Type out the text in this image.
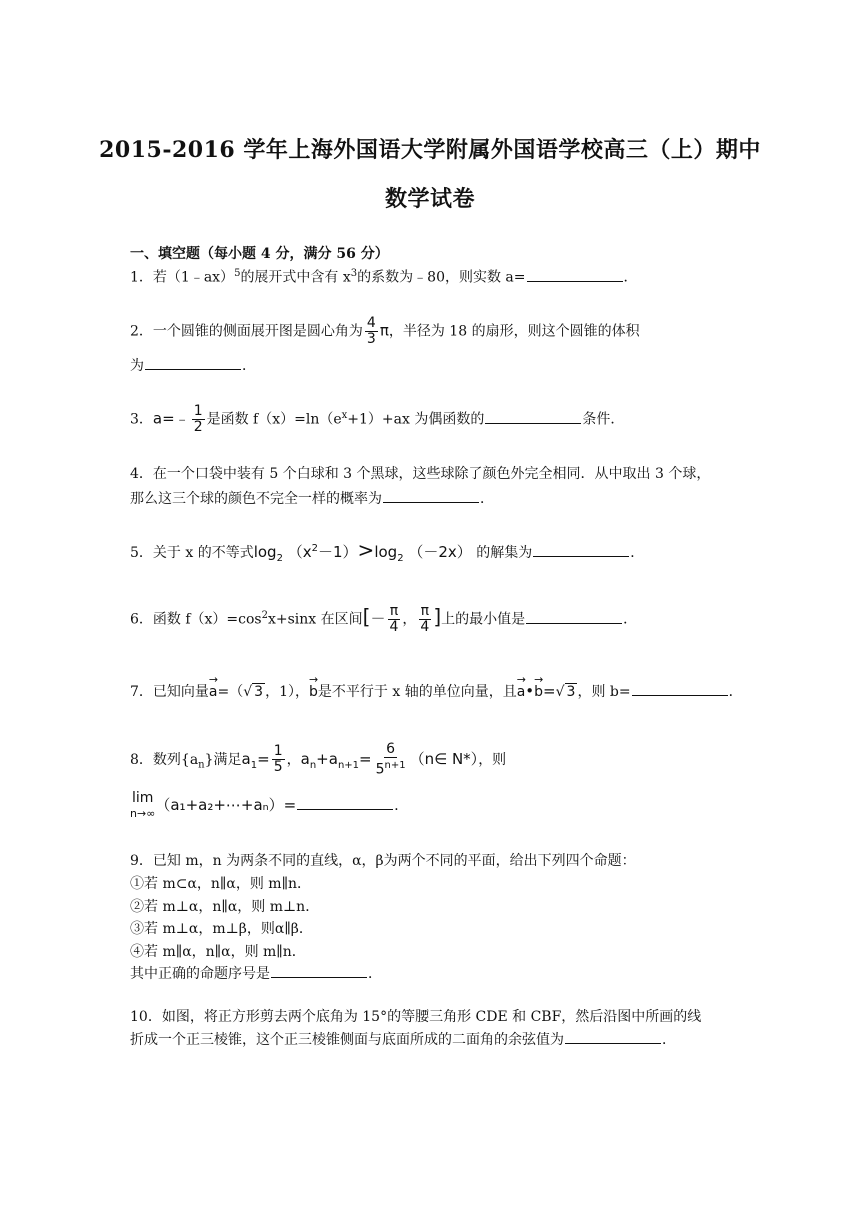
2015-2016 学年上海外国语大学附属外国语学校高三（上）期中
数学试卷
一、填空题（每小题 4 分，满分 56 分）
1．若（1﹣ax）$^5$的展开式中含有 $x^3$的系数为﹣80，则实数 a=	．
2．一个圆锥的侧面展开图是圆心角为 $\frac{4}{3}$ π，半径为 18 的扇形，则这个圆锥的体积
为	．
3．a=﹣ $\frac{1}{2}$ 是函数 $f(x)=\ln(e^x+1)+ax$ 为偶函数的	条件．
4．在一个口袋中装有 5 个白球和 3 个黑球，这些球除了颜色外完全相同．从中取出 3 个球，
那么这三个球的颜色不完全一样的概率为	．
5．关于 x 的不等式$\log_2 (x^2-1)>\log_2$ （－2x） 的解集为	．
6．函数 $f(x)=\cos^2x+\sin x$ 在区间[－ $\frac{\pi}{4}$ ， $\frac{\pi}{4}$ ]上的最小值是	．
7．已知向量→ a=（√ 3 ，1），→ b是不平行于 x 轴的单位向量，且→ a•→ b=√ 3 ，则 b=	．
8．数列$\{a_n\}$满足$a_1= \frac{1}{5}$ ，$a_n+a_{n+1}= \frac{6}{5^{n+1}}$ （n∈ N*），则
lim
n→∞ （a₁+a₂+⋯+aₙ）=	．
9．已知 m，n 为两条不同的直线，α，β为两个不同的平面，给出下列四个命题：
①若 m⊂α，n∥α，则 m∥n．
②若 m⊥α，n∥α，则 m⊥n．
③若 m⊥α，m⊥β，则α∥β．
④若 m∥α，n∥α，则 m∥n．
其中正确的命题序号是	．
10．如图，将正方形剪去两个底角为 15°的等腰三角形 CDE 和 CBF，然后沿图中所画的线
折成一个正三棱锥，这个正三棱锥侧面与底面所成的二面角的余弦值为	．
